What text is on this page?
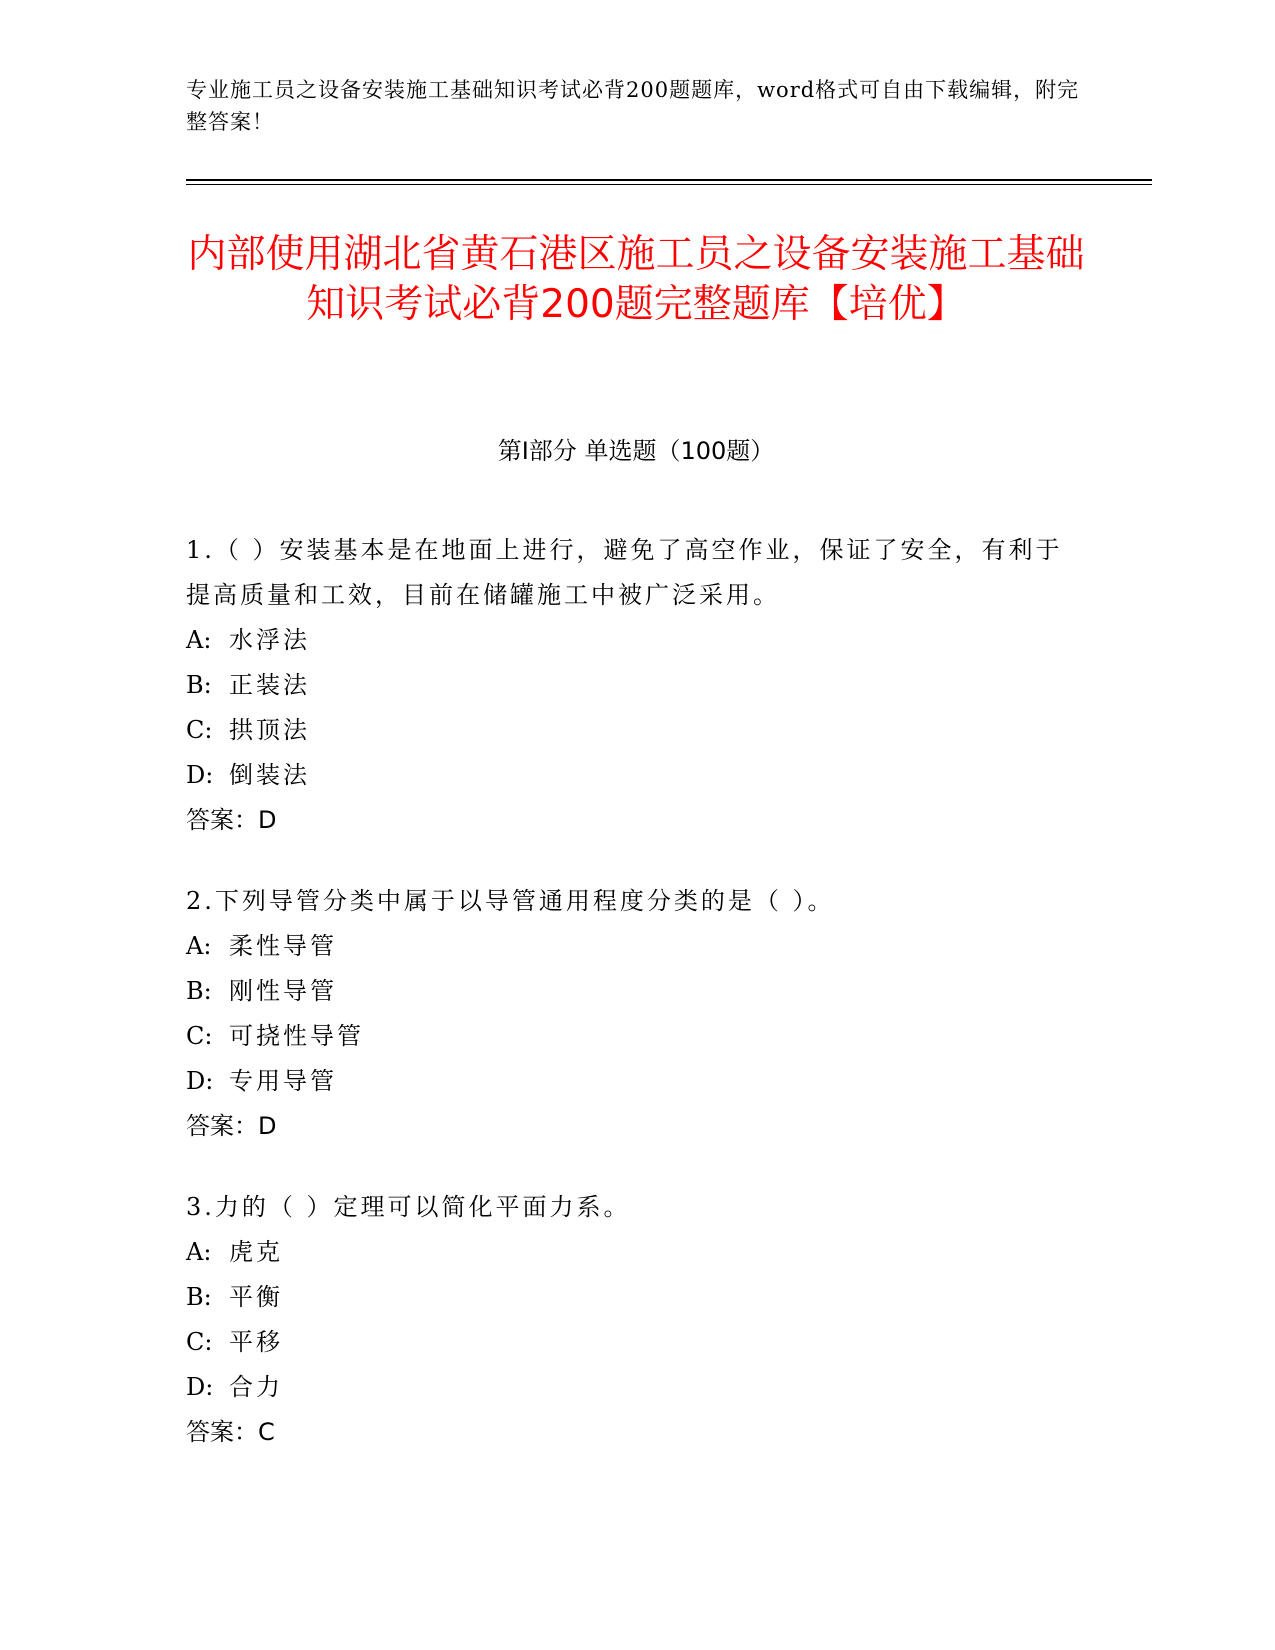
专业施工员之设备安装施工基础知识考试必背200题题库，word格式可自由下载编辑，附完整答案！
内部使用湖北省黄石港区施工员之设备安装施工基础知识考试必背200题完整题库【培优】
第I部分 单选题（100题）
1.（ ）安装基本是在地面上进行，避免了高空作业，保证了安全，有利于提高质量和工效，目前在储罐施工中被广泛采用。
A: 水浮法
B: 正装法
C: 拱顶法
D: 倒装法
答案：D
2.下列导管分类中属于以导管通用程度分类的是（ ）。
A: 柔性导管
B: 刚性导管
C: 可挠性导管
D: 专用导管
答案：D
3.力的（ ）定理可以简化平面力系。
A: 虎克
B: 平衡
C: 平移
D: 合力
答案：C
